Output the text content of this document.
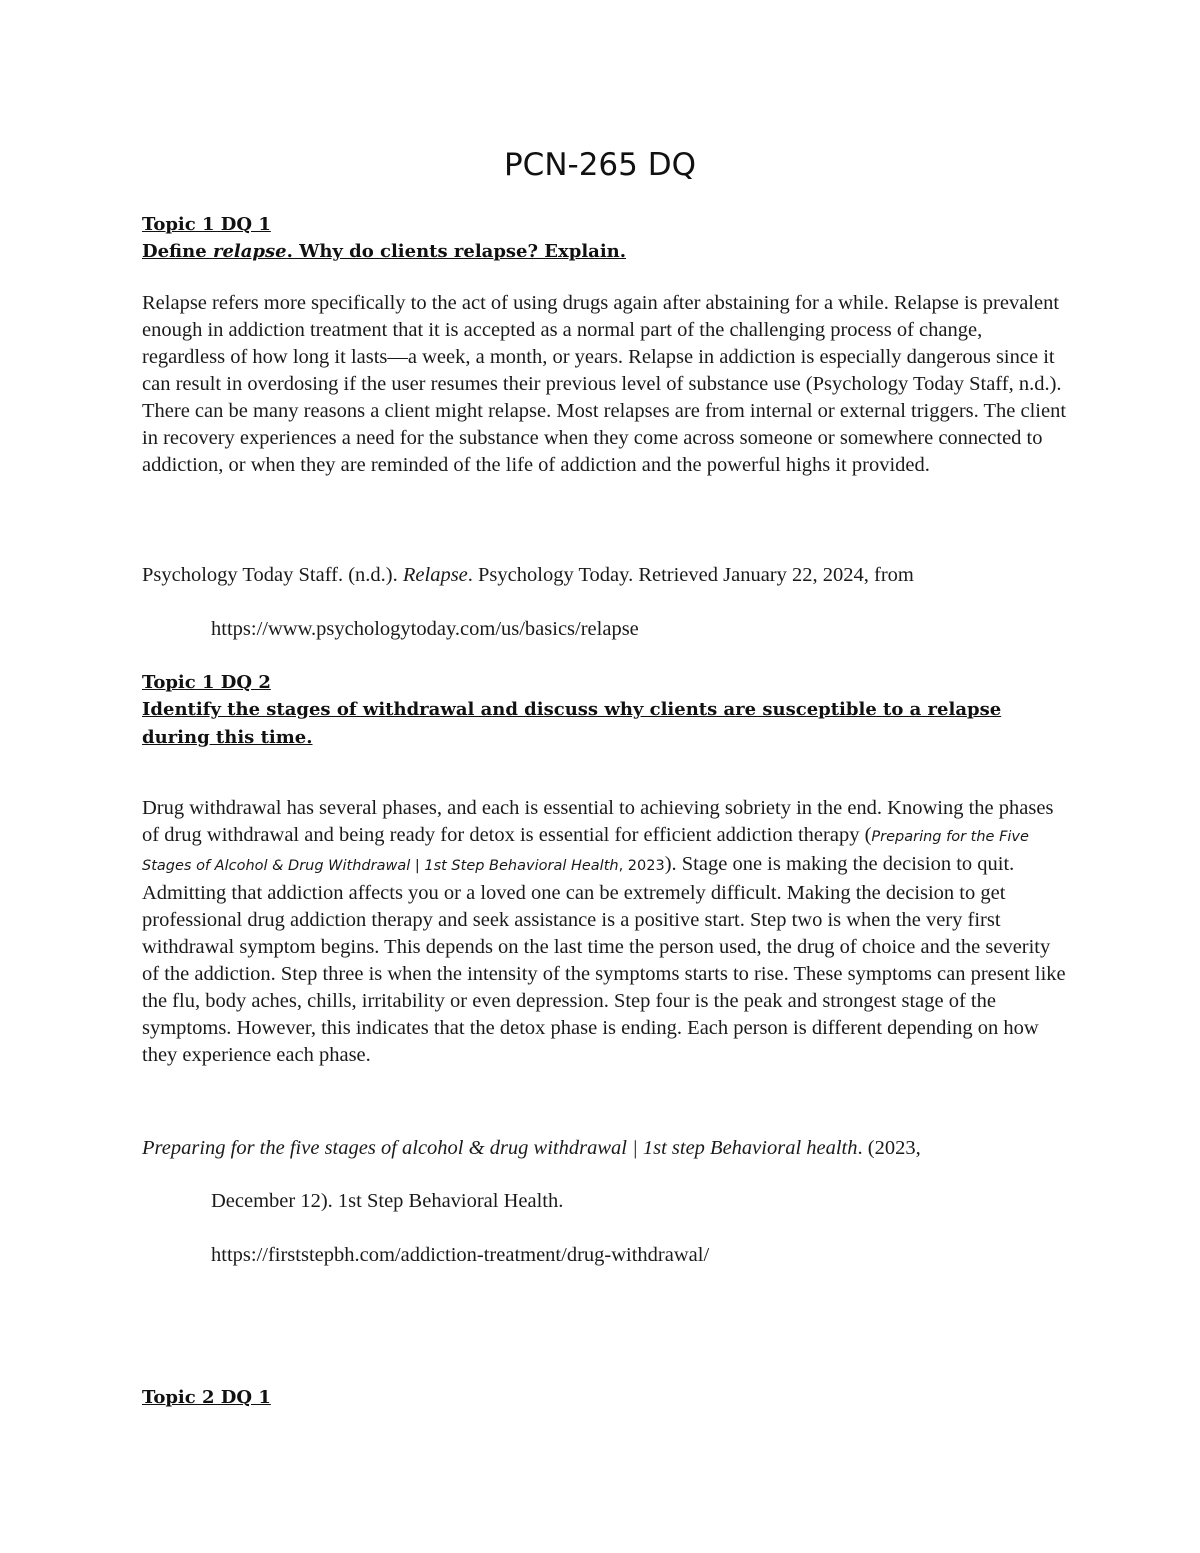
PCN-265 DQ
Topic 1 DQ 1
Define relapse. Why do clients relapse? Explain.

Relapse refers more specifically to the act of using drugs again after abstaining for a while. Relapse is prevalent enough in addiction treatment that it is accepted as a normal part of the challenging process of change, regardless of how long it lasts—a week, a month, or years. Relapse in addiction is especially dangerous since it can result in overdosing if the user resumes their previous level of substance use (Psychology Today Staff, n.d.). There can be many reasons a client might relapse. Most relapses are from internal or external triggers. The client in recovery experiences a need for the substance when they come across someone or somewhere connected to addiction, or when they are reminded of the life of addiction and the powerful highs it provided.

Psychology Today Staff. (n.d.). Relapse. Psychology Today. Retrieved January 22, 2024, from

https://www.psychologytoday.com/us/basics/relapse

Topic 1 DQ 2
Identify the stages of withdrawal and discuss why clients are susceptible to a relapse
during this time.

Drug withdrawal has several phases, and each is essential to achieving sobriety in the end. Knowing the phases of drug withdrawal and being ready for detox is essential for efficient addiction therapy (Preparing for the Five Stages of Alcohol & Drug Withdrawal | 1st Step Behavioral Health, 2023). Stage one is making the decision to quit. Admitting that addiction affects you or a loved one can be extremely difficult. Making the decision to get professional drug addiction therapy and seek assistance is a positive start. Step two is when the very first withdrawal symptom begins. This depends on the last time the person used, the drug of choice and the severity of the addiction. Step three is when the intensity of the symptoms starts to rise. These symptoms can present like the flu, body aches, chills, irritability or even depression. Step four is the peak and strongest stage of the symptoms. However, this indicates that the detox phase is ending. Each person is different depending on how they experience each phase.

Preparing for the five stages of alcohol & drug withdrawal | 1st step Behavioral health. (2023,

December 12). 1st Step Behavioral Health.

https://firststepbh.com/addiction-treatment/drug-withdrawal/

Topic 2 DQ 1
